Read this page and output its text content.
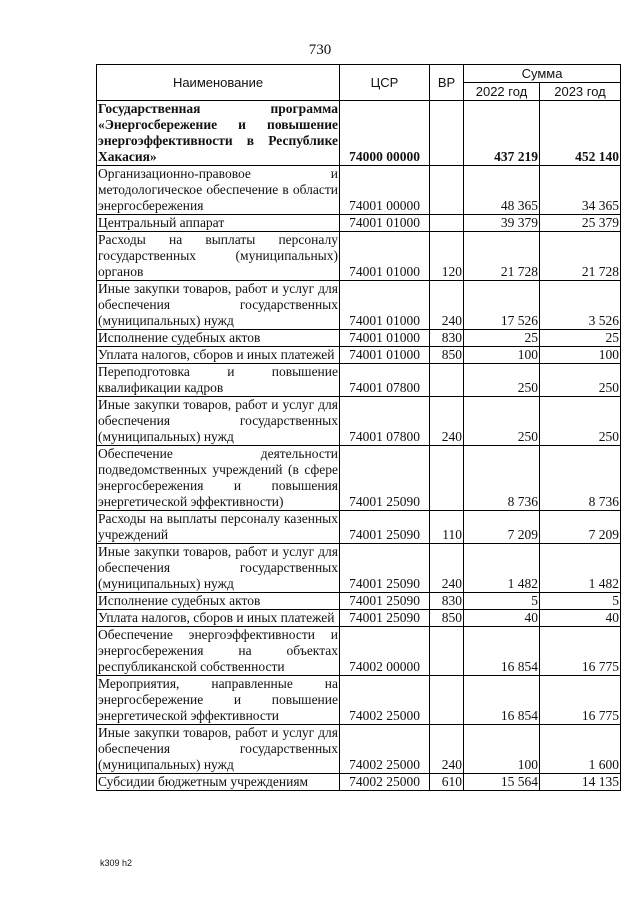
730
Наименование	ЦСР	ВР	Сумма	
			2022 год	2023 год
Государственная программа «Энергосбережение и повышение энергоэффективности в Республике Хакасия»	74000 00000		437 219	452 140
Организационно-правовое и методологическое обеспечение в области энергосбережения	74001 00000		48 365	34 365
Центральный аппарат	74001 01000		39 379	25 379
Расходы на выплаты персоналу государственных (муниципальных) органов	74001 01000	120	21 728	21 728
Иные закупки товаров, работ и услуг для обеспечения государственных (муниципальных) нужд	74001 01000	240	17 526	3 526
Исполнение судебных актов	74001 01000	830	25	25
Уплата налогов, сборов и иных платежей	74001 01000	850	100	100
Переподготовка и повышение квалификации кадров	74001 07800		250	250
Иные закупки товаров, работ и услуг для обеспечения государственных (муниципальных) нужд	74001 07800	240	250	250
Обеспечение деятельности подведомственных учреждений (в сфере энергосбережения и повышения энергетической эффективности)	74001 25090		8 736	8 736
Расходы на выплаты персоналу казенных учреждений	74001 25090	110	7 209	7 209
Иные закупки товаров, работ и услуг для обеспечения государственных (муниципальных) нужд	74001 25090	240	1 482	1 482
Исполнение судебных актов	74001 25090	830	5	5
Уплата налогов, сборов и иных платежей	74001 25090	850	40	40
Обеспечение энергоэффективности и энергосбережения на объектах республиканской собственности	74002 00000		16 854	16 775
Мероприятия, направленные на энергосбережение и повышение энергетической эффективности	74002 25000		16 854	16 775
Иные закупки товаров, работ и услуг для обеспечения государственных (муниципальных) нужд	74002 25000	240	100	1 600
Субсидии бюджетным учреждениям	74002 25000	610	15 564	14 135
k309 h2
